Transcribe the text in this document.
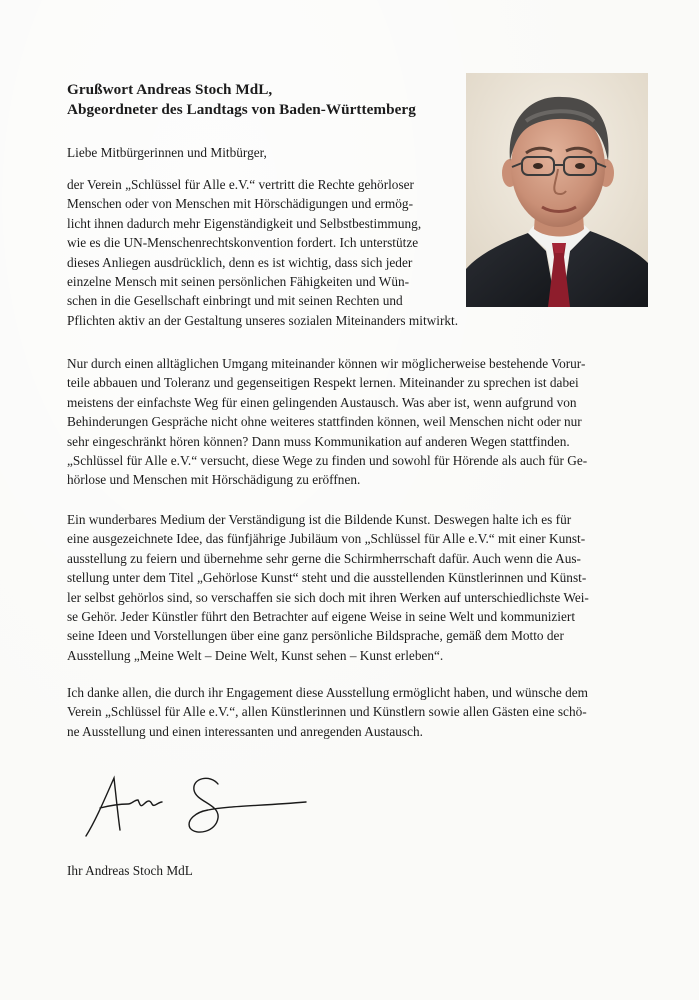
Grußwort Andreas Stoch MdL,
Abgeordneter des Landtags von Baden-Württemberg
Liebe Mitbürgerinnen und Mitbürger,
der Verein „Schlüssel für Alle e.V.“ vertritt die Rechte gehörloser
Menschen oder von Menschen mit Hörschädigungen und ermög-
licht ihnen dadurch mehr Eigenständigkeit und Selbstbestimmung,
wie es die UN-Menschenrechtskonvention fordert. Ich unterstütze
dieses Anliegen ausdrücklich, denn es ist wichtig, dass sich jeder
einzelne Mensch mit seinen persönlichen Fähigkeiten und Wün-
schen in die Gesellschaft einbringt und mit seinen Rechten und
Pflichten aktiv an der Gestaltung unseres sozialen Miteinanders mitwirkt.
Nur durch einen alltäglichen Umgang miteinander können wir möglicherweise bestehende Vorur-
teile abbauen und Toleranz und gegenseitigen Respekt lernen. Miteinander zu sprechen ist dabei
meistens der einfachste Weg für einen gelingenden Austausch. Was aber ist, wenn aufgrund von
Behinderungen Gespräche nicht ohne weiteres stattfinden können, weil Menschen nicht oder nur
sehr eingeschränkt hören können? Dann muss Kommunikation auf anderen Wegen stattfinden.
„Schlüssel für Alle e.V.“ versucht, diese Wege zu finden und sowohl für Hörende als auch für Ge-
hörlose und Menschen mit Hörschädigung zu eröffnen.
Ein wunderbares Medium der Verständigung ist die Bildende Kunst. Deswegen halte ich es für
eine ausgezeichnete Idee, das fünfjährige Jubiläum von „Schlüssel für Alle e.V.“ mit einer Kunst-
ausstellung zu feiern und übernehme sehr gerne die Schirmherrschaft dafür. Auch wenn die Aus-
stellung unter dem Titel „Gehörlose Kunst“ steht und die ausstellenden Künstlerinnen und Künst-
ler selbst gehörlos sind, so verschaffen sie sich doch mit ihren Werken auf unterschiedlichste Wei-
se Gehör. Jeder Künstler führt den Betrachter auf eigene Weise in seine Welt und kommuniziert
seine Ideen und Vorstellungen über eine ganz persönliche Bildsprache, gemäß dem Motto der
Ausstellung „Meine Welt – Deine Welt, Kunst sehen – Kunst erleben“.
Ich danke allen, die durch ihr Engagement diese Ausstellung ermöglicht haben, und wünsche dem
Verein „Schlüssel für Alle e.V.“, allen Künstlerinnen und Künstlern sowie allen Gästen eine schö-
ne Ausstellung und einen interessanten und anregenden Austausch.
Ihr Andreas Stoch MdL
